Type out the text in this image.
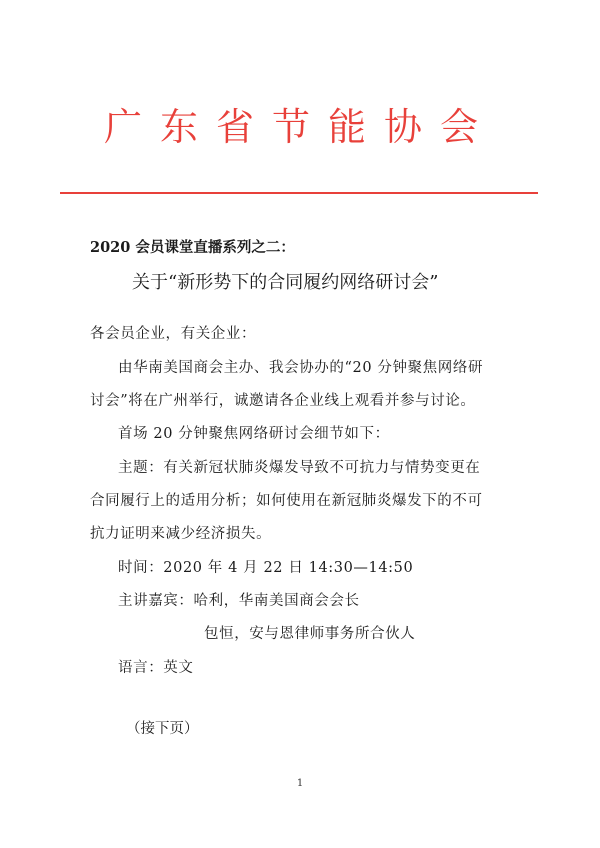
广东省节能协会
2020 会员课堂直播系列之二：
关于“新形势下的合同履约网络研讨会”
各会员企业，有关企业：
由华南美国商会主办、我会协办的“20 分钟聚焦网络研
讨会”将在广州举行，诚邀请各企业线上观看并参与讨论。
首场 20 分钟聚焦网络研讨会细节如下：
主题：有关新冠状肺炎爆发导致不可抗力与情势变更在
合同履行上的适用分析；如何使用在新冠肺炎爆发下的不可
抗力证明来减少经济损失。
时间：2020 年 4 月 22 日 14:30—14:50
主讲嘉宾：哈利，华南美国商会会长
包恒，安与恩律师事务所合伙人
语言：英文
（接下页）
1
